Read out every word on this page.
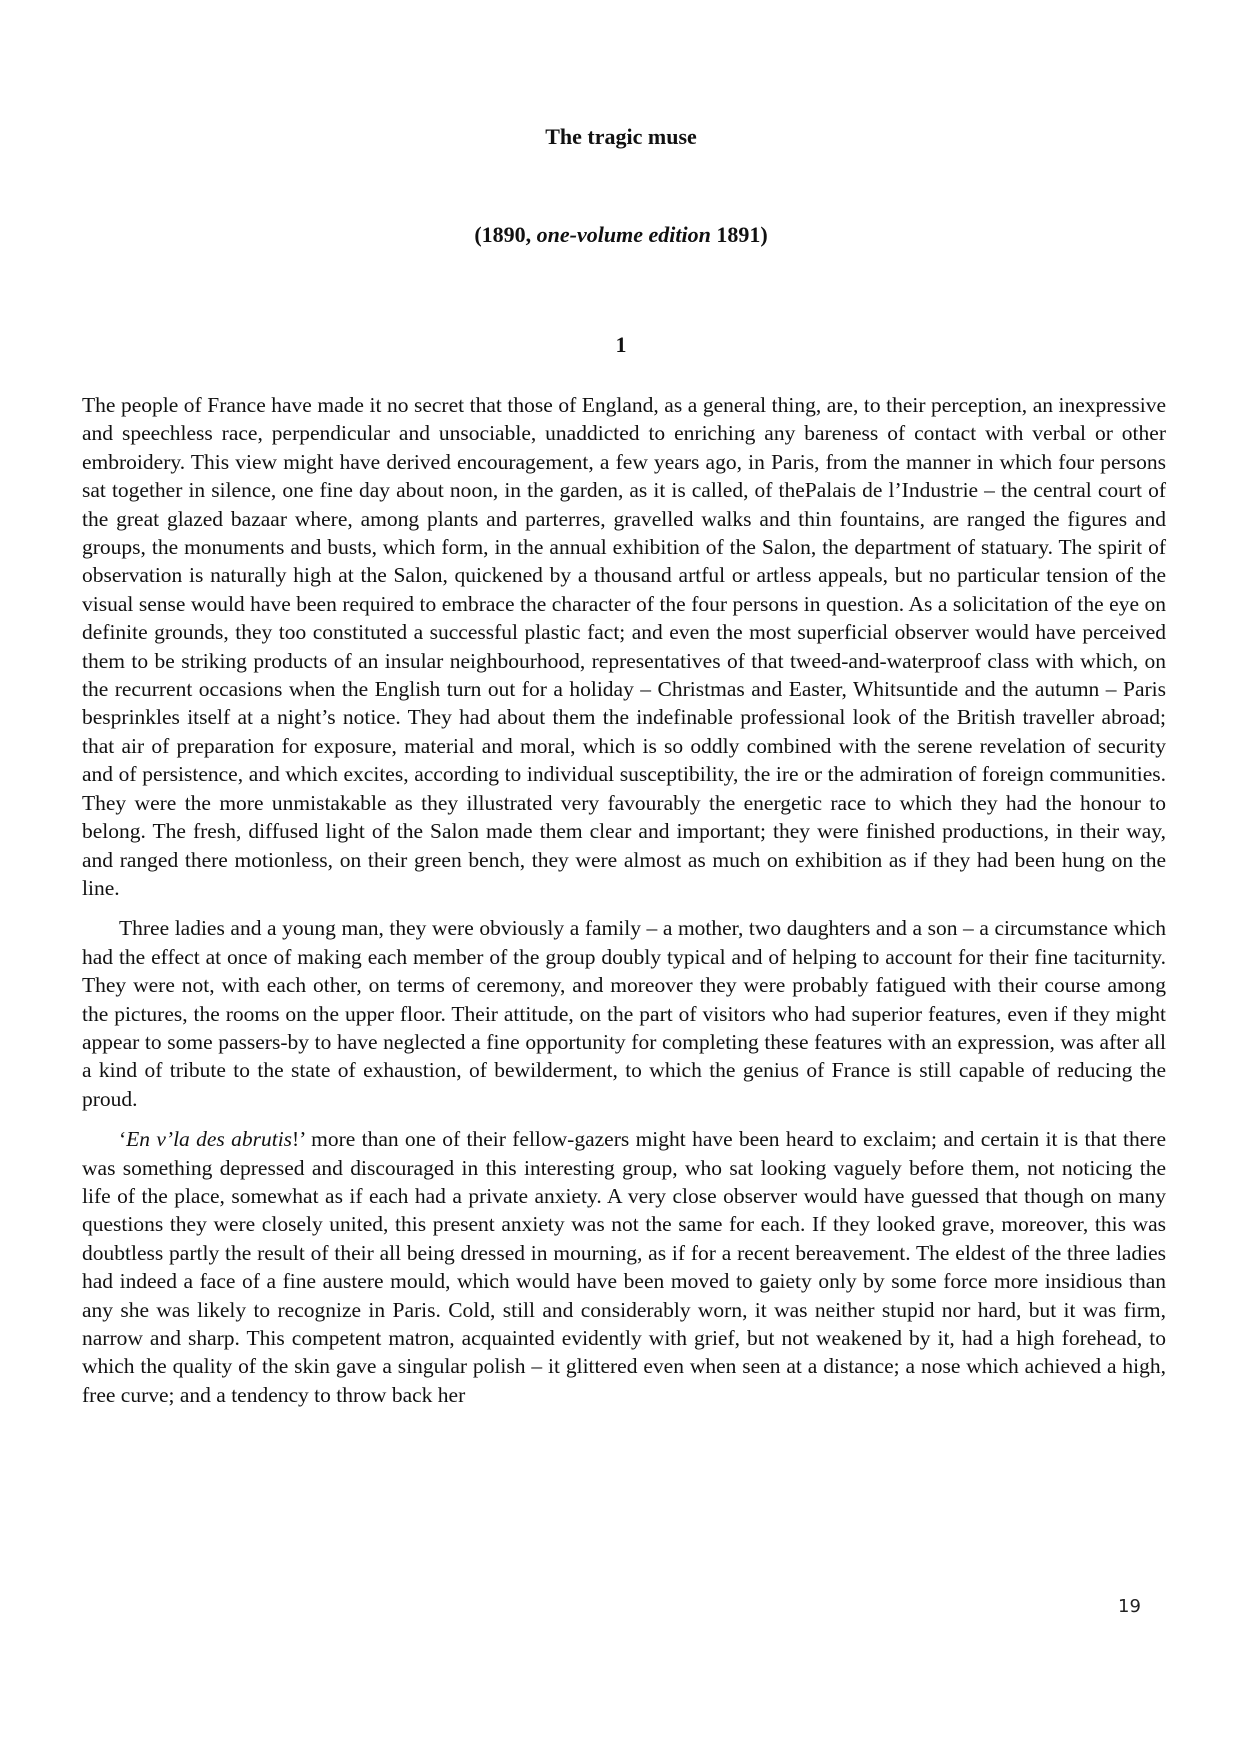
The tragic muse
(1890, one-volume edition 1891)
1

The people of France have made it no secret that those of England, as a general thing, are, to their perception, an inexpressive and speechless race, perpendicular and unsociable, unaddicted to enriching any bareness of contact with verbal or other embroidery. This view might have derived encouragement, a few years ago, in Paris, from the manner in which four persons sat together in silence, one fine day about noon, in the garden, as it is called, of thePalais de l’Industrie – the central court of the great glazed bazaar where, among plants and parterres, gravelled walks and thin fountains, are ranged the figures and groups, the monuments and busts, which form, in the annual exhibition of the Salon, the department of statuary. The spirit of observation is naturally high at the Salon, quickened by a thousand artful or artless appeals, but no particular tension of the visual sense would have been required to embrace the character of the four persons in question. As a solicitation of the eye on definite grounds, they too constituted a successful plastic fact; and even the most superficial observer would have perceived them to be striking products of an insular neighbourhood, representatives of that tweed-and-waterproof class with which, on the recurrent occasions when the English turn out for a holiday – Christmas and Easter, Whitsuntide and the autumn – Paris besprinkles itself at a night’s notice. They had about them the indefinable professional look of the British traveller abroad; that air of preparation for exposure, material and moral, which is so oddly combined with the serene revelation of security and of persistence, and which excites, according to individual susceptibility, the ire or the admiration of foreign communities. They were the more unmistakable as they illustrated very favourably the energetic race to which they had the honour to belong. The fresh, diffused light of the Salon made them clear and important; they were finished productions, in their way, and ranged there motionless, on their green bench, they were almost as much on exhibition as if they had been hung on the line.

Three ladies and a young man, they were obviously a family – a mother, two daughters and a son – a circumstance which had the effect at once of making each member of the group doubly typical and of helping to account for their fine taciturnity. They were not, with each other, on terms of ceremony, and moreover they were probably fatigued with their course among the pictures, the rooms on the upper floor. Their attitude, on the part of visitors who had superior features, even if they might appear to some passers-by to have neglected a fine opportunity for completing these features with an expression, was after all a kind of tribute to the state of exhaustion, of bewilderment, to which the genius of France is still capable of reducing the proud.

‘En v’la des abrutis!’ more than one of their fellow-gazers might have been heard to exclaim; and certain it is that there was something depressed and discouraged in this interesting group, who sat looking vaguely before them, not noticing the life of the place, somewhat as if each had a private anxiety. A very close observer would have guessed that though on many questions they were closely united, this present anxiety was not the same for each. If they looked grave, moreover, this was doubtless partly the result of their all being dressed in mourning, as if for a recent bereavement. The eldest of the three ladies had indeed a face of a fine austere mould, which would have been moved to gaiety only by some force more insidious than any she was likely to recognize in Paris. Cold, still and considerably worn, it was neither stupid nor hard, but it was firm, narrow and sharp. This competent matron, acquainted evidently with grief, but not weakened by it, had a high forehead, to which the quality of the skin gave a singular polish – it glittered even when seen at a distance; a nose which achieved a high, free curve; and a tendency to throw back her

19
